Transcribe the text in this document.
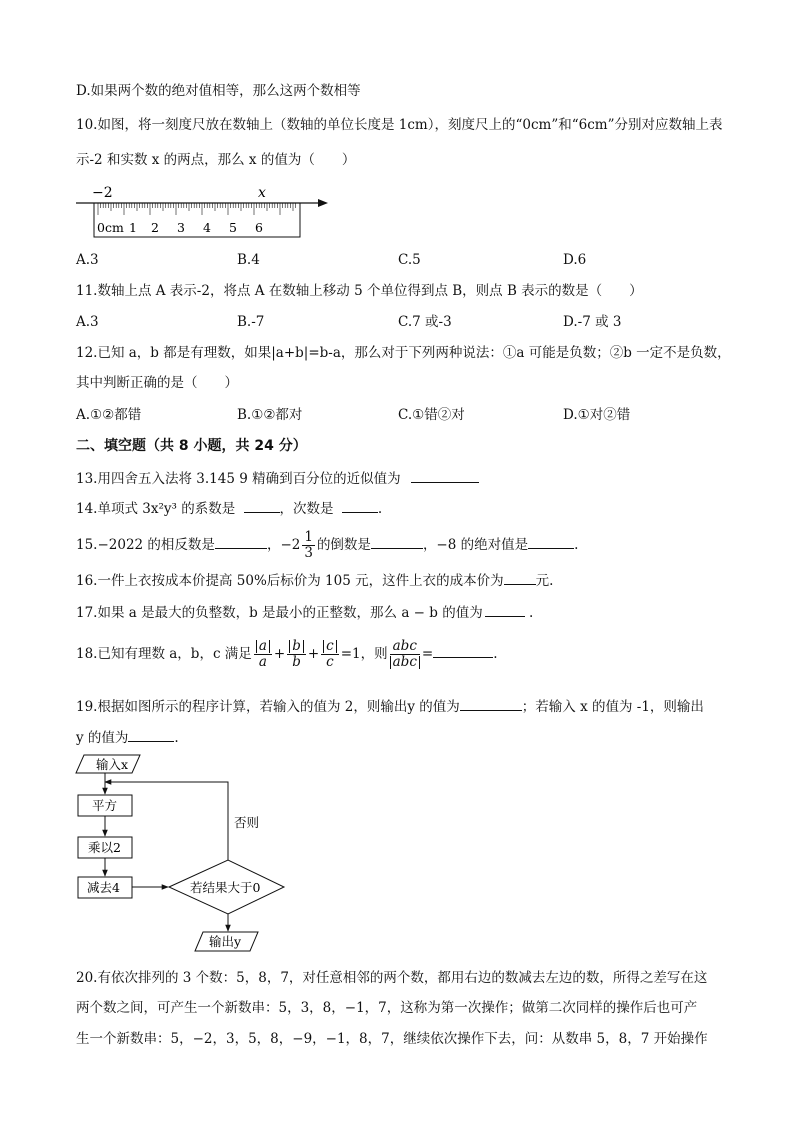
D.如果两个数的绝对值相等，那么这两个数相等
10.如图，将一刻度尺放在数轴上（数轴的单位长度是 1cm），刻度尺上的“0cm”和“6cm”分别对应数轴上表
示-2 和实数 x 的两点，那么 x 的值为（　　）
−2	x
0cm 1 2 3 4 5 6
A.3	B.4	C.5	D.6
11.数轴上点 A 表示-2，将点 A 在数轴上移动 5 个单位得到点 B，则点 B 表示的数是（　　）
A.3	B.-7	C.7 或-3	D.-7 或 3
12.已知 a，b 都是有理数，如果|a+b|=b-a，那么对于下列两种说法：①a 可能是负数；②b 一定不是负数，
其中判断正确的是（　　）
A.①②都错	B.①②都对	C.①错②对	D.①对②错
二、填空题（共 8 小题，共 24 分）
13.用四舍五入法将 3.145 9 精确到百分位的近似值为
14.单项式 3x²y³ 的系数是	，次数是	.
15.−2022 的相反数是	，$-2 \frac{1}{3}$ 的倒数是	，−8 的绝对值是	.
16.一件上衣按成本价提高 50%后标价为 105 元，这件上衣的成本价为 元.
17.如果 a 是最大的负整数，b 是最小的正整数，那么 a − b 的值为	.
18.已知有理数 a，b，c 满足 $\frac{a}{a} + \frac{b}{b} + \frac{c}{c} =1$，则 $\frac{\text{abc}}{\text{abc}}$ =	.
19.根据如图所示的程序计算，若输入的值为 2，则输出y 的值为	；若输入 x 的值为 -1，则输出
y 的值为	.
输入x
否则
平方
乘以2
减去4	若结果大于0
输出y
20.有依次排列的 3 个数：5，8，7，对任意相邻的两个数，都用右边的数减去左边的数，所得之差写在这
两个数之间，可产生一个新数串：5，3，8，−1，7，这称为第一次操作；做第二次同样的操作后也可产
生一个新数串：5，−2，3，5，8，−9，−1，8，7，继续依次操作下去，问：从数串 5，8，7 开始操作
